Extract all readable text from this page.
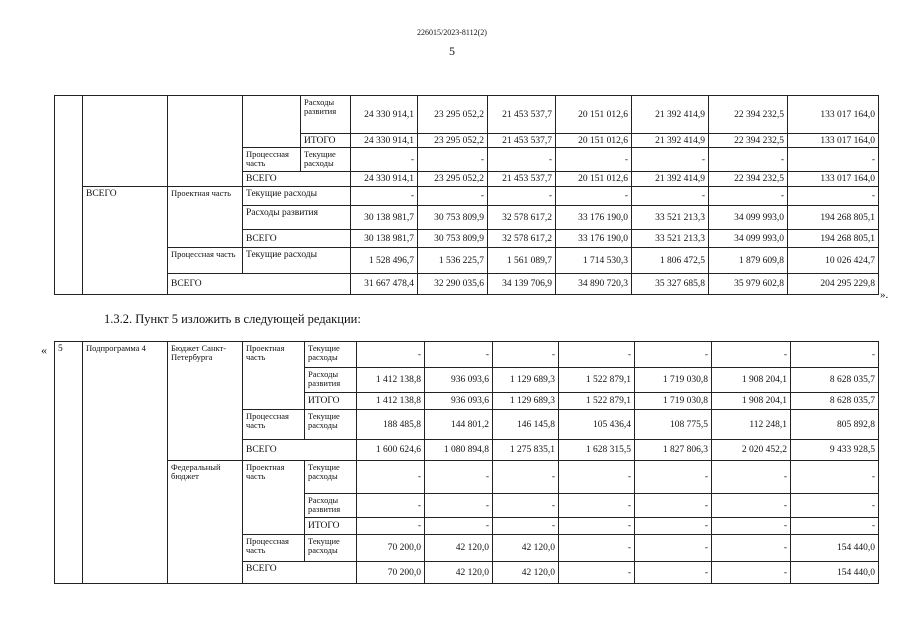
226015/2023-8112(2)
5
				Расходы развития	24 330 914,1	23 295 052,2	21 453 537,7	20 151 012,6	21 392 414,9	22 394 232,5	133 017 164,0
				ИТОГО	24 330 914,1	23 295 052,2	21 453 537,7	20 151 012,6	21 392 414,9	22 394 232,5	133 017 164,0
			Процессная часть	Текущие расходы	-	-	-	-	-	-	-
			ВСЕГО		24 330 914,1	23 295 052,2	21 453 537,7	20 151 012,6	21 392 414,9	22 394 232,5	133 017 164,0
	ВСЕГО	Проектная часть	Текущие расходы		-	-	-	-	-	-	-
			Расходы развития		30 138 981,7	30 753 809,9	32 578 617,2	33 176 190,0	33 521 213,3	34 099 993,0	194 268 805,1
			ВСЕГО		30 138 981,7	30 753 809,9	32 578 617,2	33 176 190,0	33 521 213,3	34 099 993,0	194 268 805,1
		Процессная часть	Текущие расходы		1 528 496,7	1 536 225,7	1 561 089,7	1 714 530,3	1 806 472,5	1 879 609,8	10 026 424,7
		ВСЕГО			31 667 478,4	32 290 035,6	34 139 706,9	34 890 720,3	35 327 685,8	35 979 602,8	204 295 229,8
».
1.3.2. Пункт 5 изложить в следующей редакции:
« 5	Подпрограмма 4	Бюджет Санкт-Петербурга	Проектная часть	Текущие расходы	-	-	-	-	-	-	-
				Расходы развития	1 412 138,8	936 093,6	1 129 689,3	1 522 879,1	1 719 030,8	1 908 204,1	8 628 035,7
				ИТОГО	1 412 138,8	936 093,6	1 129 689,3	1 522 879,1	1 719 030,8	1 908 204,1	8 628 035,7
			Процессная часть	Текущие расходы	188 485,8	144 801,2	146 145,8	105 436,4	108 775,5	112 248,1	805 892,8
			ВСЕГО		1 600 624,6	1 080 894,8	1 275 835,1	1 628 315,5	1 827 806,3	2 020 452,2	9 433 928,5
		Федеральный бюджет	Проектная часть	Текущие расходы	-	-	-	-	-	-	-
				Расходы развития	-	-	-	-	-	-	-
				ИТОГО	-	-	-	-	-	-	-
			Процессная часть	Текущие расходы	70 200,0	42 120,0	42 120,0	-	-	-	154 440,0
			ВСЕГО		70 200,0	42 120,0	42 120,0	-	-	-	154 440,0
